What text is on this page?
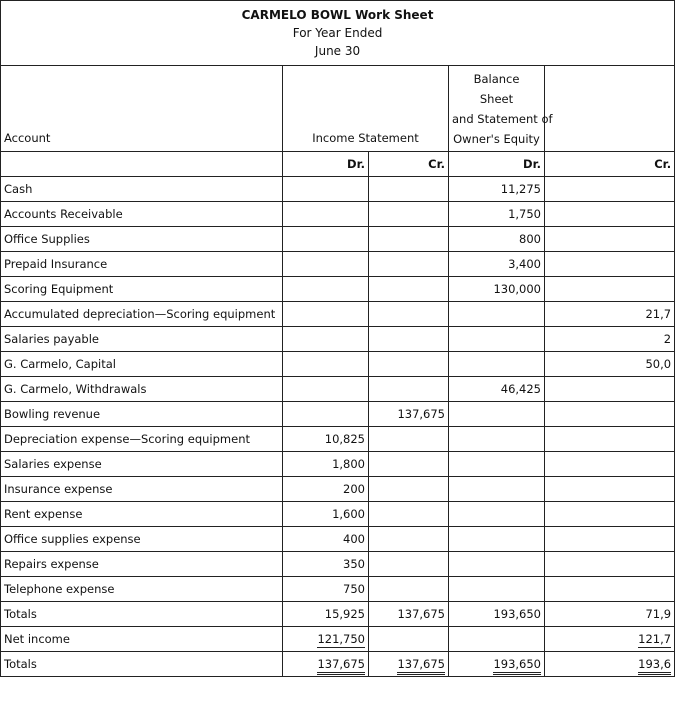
CARMELO BOWL Work Sheet
For Year Ended
June 30				

Account	Income Statement		Balance
Sheet
and Statement of
Owner's Equity	

	Dr.	Cr.	Dr.	Cr.
Cash			11,275	
Accounts Receivable			1,750	
Office Supplies			800	
Prepaid Insurance			3,400	
Scoring Equipment			130,000	
Accumulated depreciation—Scoring equipment				21,7
Salaries payable				2
G. Carmelo, Capital				50,0
G. Carmelo, Withdrawals			46,425	
Bowling revenue		137,675		
Depreciation expense—Scoring equipment	10,825			
Salaries expense	1,800			
Insurance expense	200			
Rent expense	1,600			
Office supplies expense	400			
Repairs expense	350			
Telephone expense	750			
Totals	15,925	137,675	193,650	71,9
Net income	121,750			121,7
Totals	137,675	137,675	193,650	193,6
